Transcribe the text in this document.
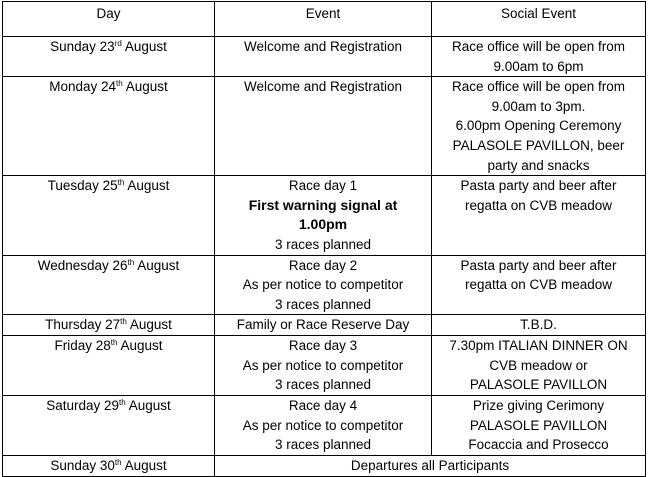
Day	Event	Social Event
Sunday 23rd August	Welcome and Registration	Race office will be open from
9.00am to 6pm

Monday 24th August	Welcome and Registration	Race office will be open from
9.00am to 3pm.
6.00pm Opening Ceremony
PALASOLE PAVILLON, beer
party and snacks

Tuesday 25th August	Race day 1
First warning signal at
1.00pm
3 races planned	Pasta party and beer after
regatta on CVB meadow

Wednesday 26th August	Race day 2
As per notice to competitor
3 races planned	Pasta party and beer after
regatta on CVB meadow

Thursday 27th August	Family or Race Reserve Day	T.B.D.

Friday 28th August	Race day 3
As per notice to competitor
3 races planned	7.30pm ITALIAN DINNER ON
CVB meadow or
PALASOLE PAVILLON

Saturday 29th August	Race day 4
As per notice to competitor
3 races planned	Prize giving Cerimony
PALASOLE PAVILLON
Focaccia and Prosecco

Sunday 30th August	Departures all Participants	
